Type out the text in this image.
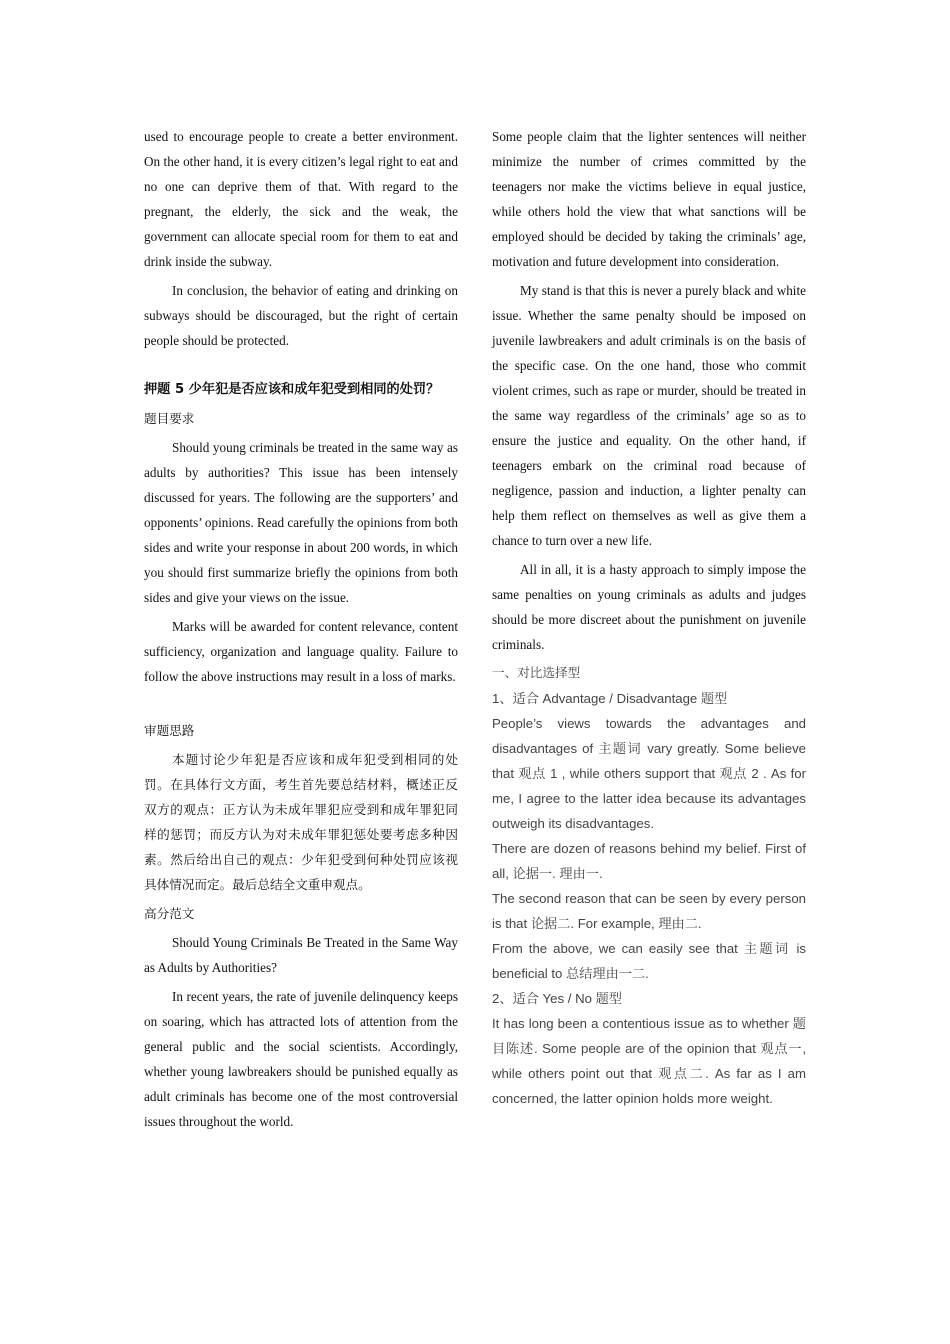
used to encourage people to create a better environment. On the other hand, it is every citizen’s legal right to eat and no one can deprive them of that. With regard to the pregnant, the elderly, the sick and the weak, the government can allocate special room for them to eat and drink inside the subway.

In conclusion, the behavior of eating and drinking on subways should be discouraged, but the right of certain people should be protected.

押题 5 少年犯是否应该和成年犯受到相同的处罚？

题目要求

Should young criminals be treated in the same way as adults by authorities? This issue has been intensely discussed for years. The following are the supporters’ and opponents’ opinions. Read carefully the opinions from both sides and write your response in about 200 words, in which you should first summarize briefly the opinions from both sides and give your views on the issue.

Marks will be awarded for content relevance, content sufficiency, organization and language quality. Failure to follow the above instructions may result in a loss of marks.

审题思路

本题讨论少年犯是否应该和成年犯受到相同的处罚。在具体行文方面，考生首先要总结材料，概述正反双方的观点：正方认为未成年罪犯应受到和成年罪犯同样的惩罚；而反方认为对未成年罪犯惩处要考虑多种因素。然后给出自己的观点：少年犯受到何种处罚应该视具体情况而定。最后总结全文重申观点。

高分范文

Should Young Criminals Be Treated in the Same Way as Adults by Authorities?

In recent years, the rate of juvenile delinquency keeps on soaring, which has attracted lots of attention from the general public and the social scientists. Accordingly, whether young lawbreakers should be punished equally as adult criminals has become one of the most controversial issues throughout the world.

Some people claim that the lighter sentences will neither minimize the number of crimes committed by the teenagers nor make the victims believe in equal justice, while others hold the view that what sanctions will be employed should be decided by taking the criminals’ age, motivation and future development into consideration.

My stand is that this is never a purely black and white issue. Whether the same penalty should be imposed on juvenile lawbreakers and adult criminals is on the basis of the specific case. On the one hand, those who commit violent crimes, such as rape or murder, should be treated in the same way regardless of the criminals’ age so as to ensure the justice and equality. On the other hand, if teenagers embark on the criminal road because of negligence, passion and induction, a lighter penalty can help them reflect on themselves as well as give them a chance to turn over a new life.

All in all, it is a hasty approach to simply impose the same penalties on young criminals as adults and judges should be more discreet about the punishment on juvenile criminals.

一、对比选择型

1、适合 Advantage / Disadvantage 题型

People’s views towards the advantages and disadvantages of 主题词 vary greatly. Some believe that 观点 1 , while others support that 观点 2 . As for me, I agree to the latter idea because its advantages outweigh its disadvantages.

There are dozen of reasons behind my belief. First of all, 论据一. 理由一.

The second reason that can be seen by every person is that 论据二. For example, 理由二.

From the above, we can easily see that 主题词 is beneficial to 总结理由一二.

2、适合 Yes / No 题型

It has long been a contentious issue as to whether 题目陈述. Some people are of the opinion that 观点一, while others point out that 观点二. As far as I am concerned, the latter opinion holds more weight.
